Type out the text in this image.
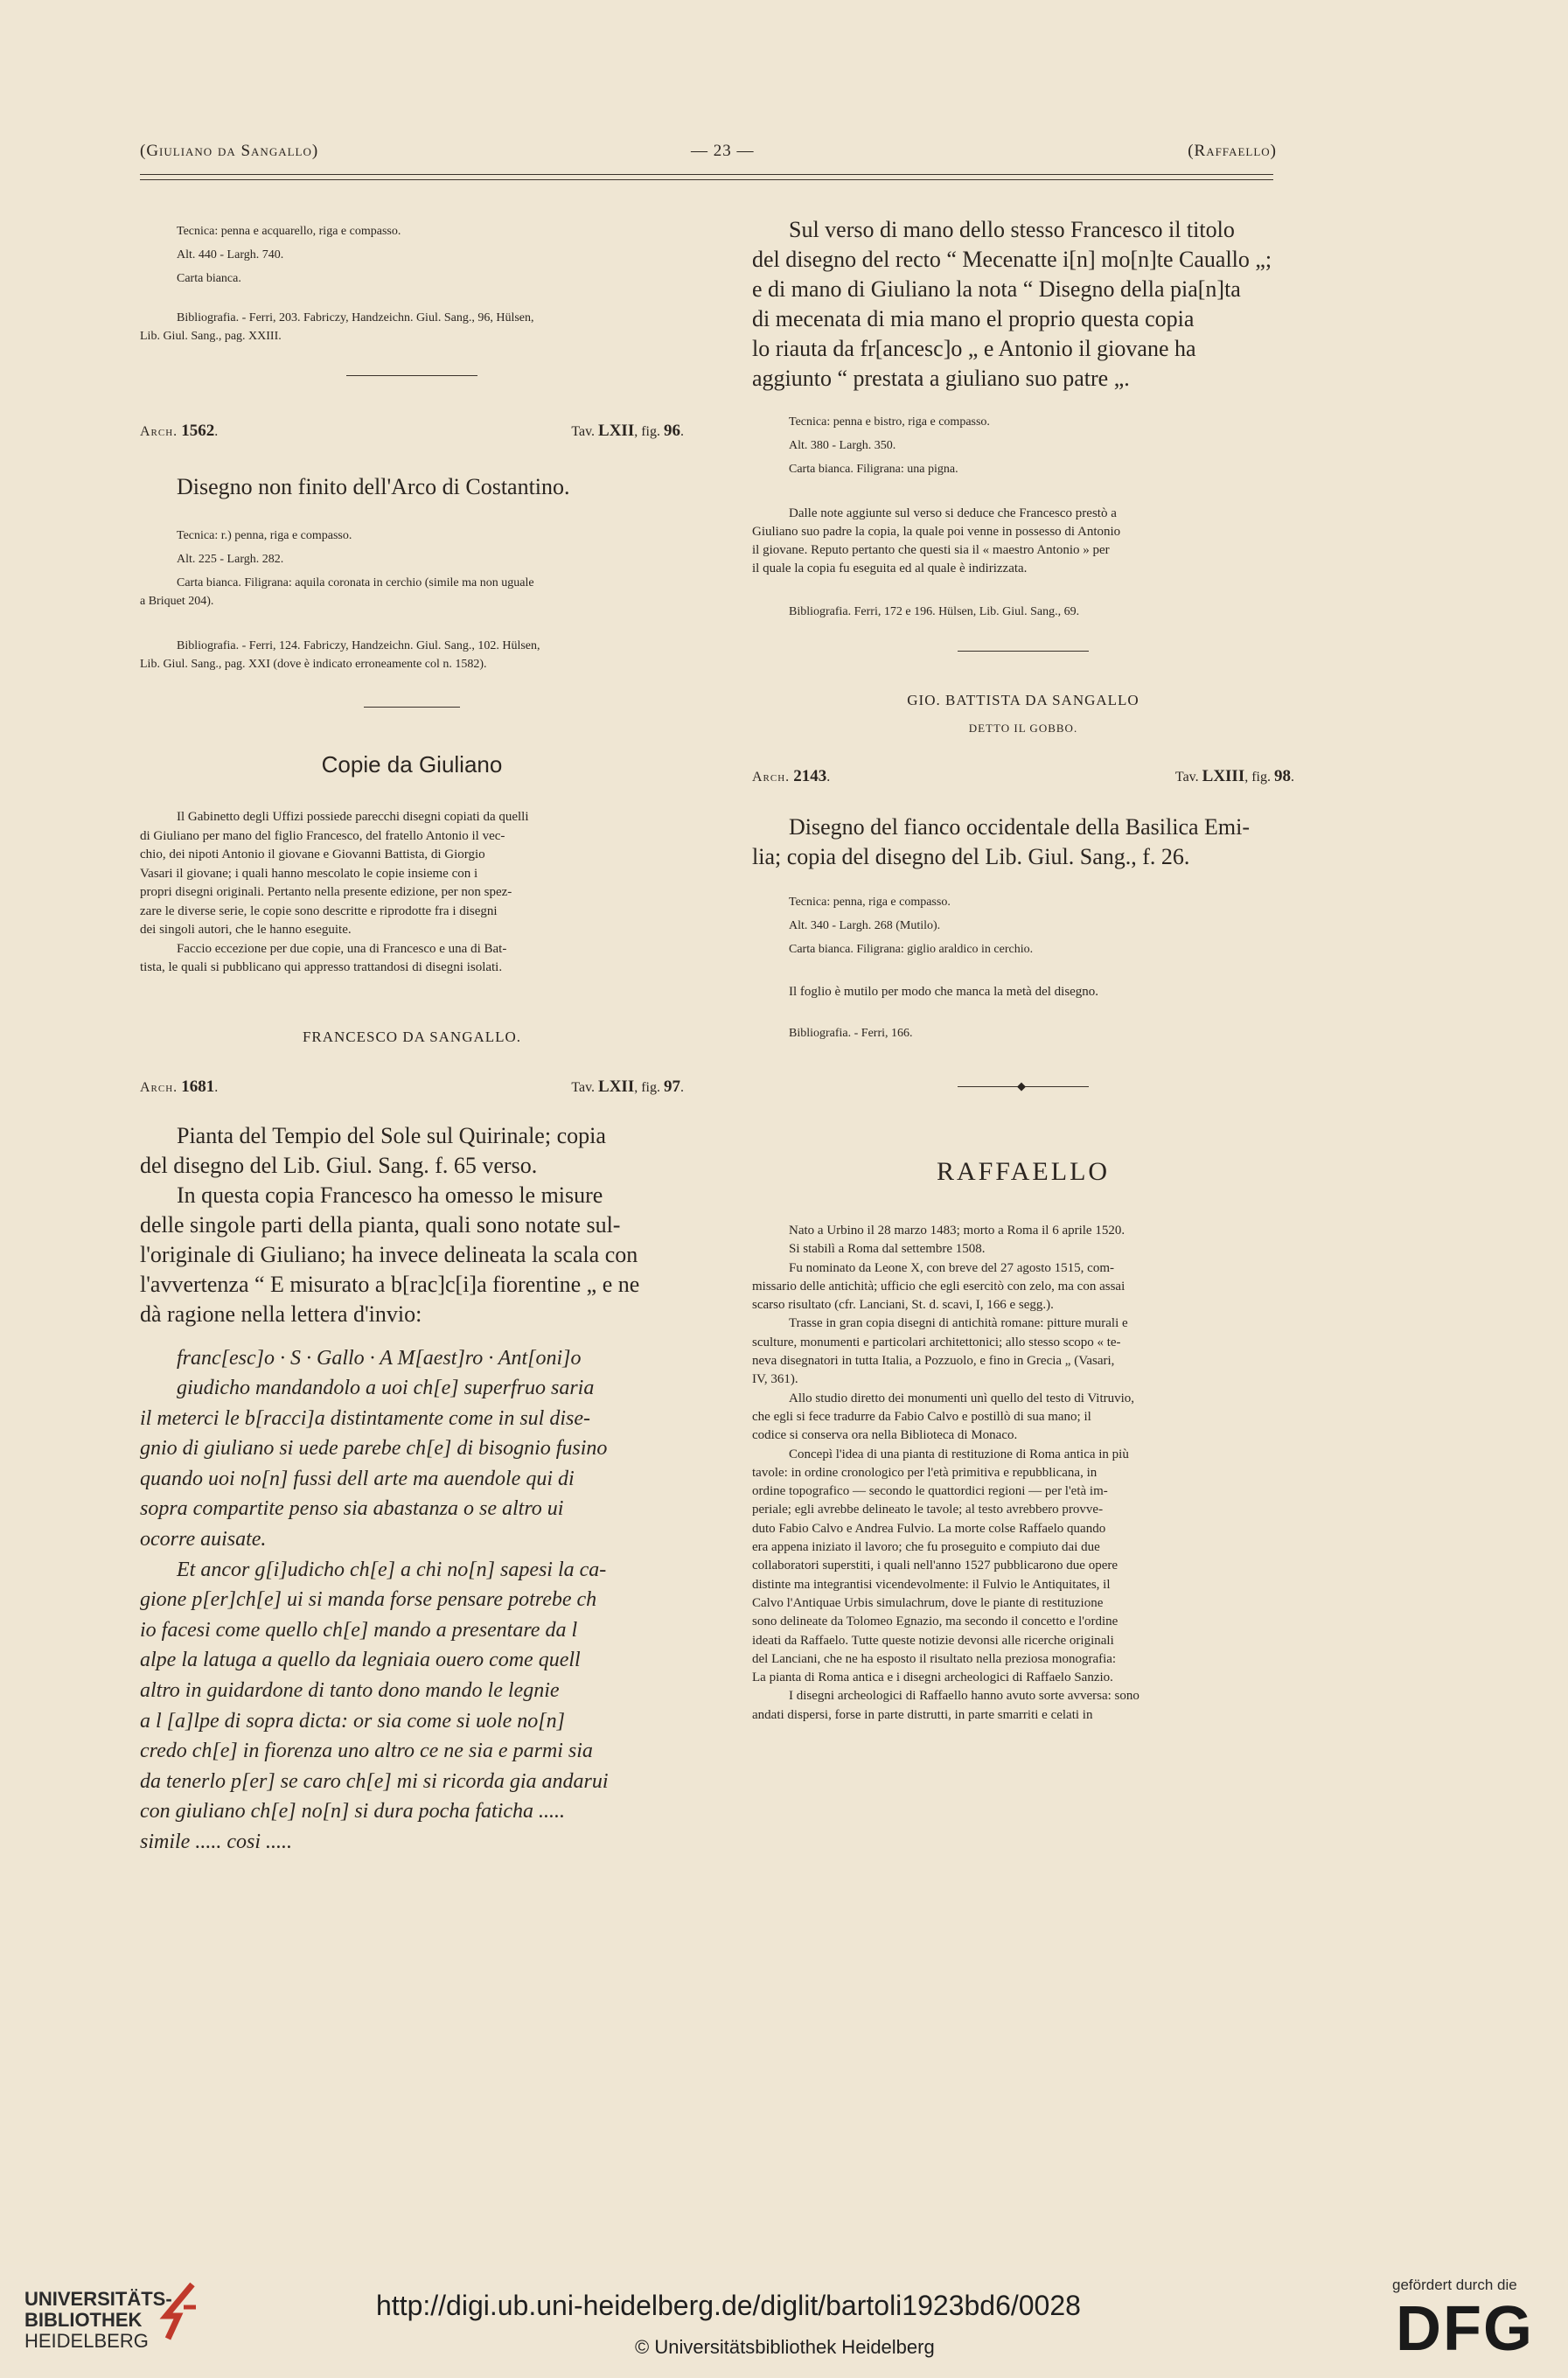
(Giuliano da Sangallo)	— 23 —	(Raffaello)

Tecnica: penna e acquarello, riga e compasso.

Alt. 440 - Largh. 740.

Carta bianca.

Bibliografia. - Ferri, 203. Fabriczy, Handzeichn. Giul. Sang., 96, Hülsen,

Lib. Giul. Sang., pag. XXIII.

Arch. 1562.	Tav. LXII, fig. 96.

Disegno non finito dell'Arco di Costantino.

Tecnica: r.) penna, riga e compasso.

Alt. 225 - Largh. 282.

Carta bianca. Filigrana: aquila coronata in cerchio (simile ma non uguale

a Briquet 204).

Bibliografia. - Ferri, 124. Fabriczy, Handzeichn. Giul. Sang., 102. Hülsen,

Lib. Giul. Sang., pag. XXI (dove è indicato erroneamente col n. 1582).

Copie da Giuliano

Il Gabinetto degli Uffizi possiede parecchi disegni copiati da quelli

di Giuliano per mano del figlio Francesco, del fratello Antonio il vec-

chio, dei nipoti Antonio il giovane e Giovanni Battista, di Giorgio

Vasari il giovane; i quali hanno mescolato le copie insieme con i

propri disegni originali. Pertanto nella presente edizione, per non spez-

zare le diverse serie, le copie sono descritte e riprodotte fra i disegni

dei singoli autori, che le hanno eseguite.

Faccio eccezione per due copie, una di Francesco e una di Bat-

tista, le quali si pubblicano qui appresso trattandosi di disegni isolati.

FRANCESCO DA SANGALLO.

Arch. 1681.	Tav. LXII, fig. 97.

Pianta del Tempio del Sole sul Quirinale; copia

del disegno del Lib. Giul. Sang. f. 65 verso.

In questa copia Francesco ha omesso le misure

delle singole parti della pianta, quali sono notate sul-

l'originale di Giuliano; ha invece delineata la scala con

l'avvertenza “ E misurato a b[rac]c[i]a fiorentine „ e ne

dà ragione nella lettera d'invio:

franc[esc]o · S · Gallo · A M[aest]ro · Ant[oni]o

giudicho mandandolo a uoi ch[e] superfruo saria

il meterci le b[racci]a distintamente come in sul dise-

gnio di giuliano si uede parebe ch[e] di bisognio fusino

quando uoi no[n] fussi dell arte ma auendole qui di

sopra compartite penso sia abastanza o se altro ui

ocorre auisate.

Et ancor g[i]udicho ch[e] a chi no[n] sapesi la ca-

gione p[er]ch[e] ui si manda forse pensare potrebe ch

io facesi come quello ch[e] mando a presentare da l

alpe la latuga a quello da legniaia ouero come quell

altro in guidardone di tanto dono mando le legnie

a l [a]lpe di sopra dicta: or sia come si uole no[n]

credo ch[e] in fiorenza uno altro ce ne sia e parmi sia

da tenerlo p[er] se caro ch[e] mi si ricorda gia andarui

con giuliano ch[e] no[n] si dura pocha faticha .....

simile ..... cosi .....

Sul verso di mano dello stesso Francesco il titolo

del disegno del recto “ Mecenatte i[n] mo[n]te Cauallo „;

e di mano di Giuliano la nota “ Disegno della pia[n]ta

di mecenata di mia mano el proprio questa copia

lo riauta da fr[ancesc]o „ e Antonio il giovane ha

aggiunto “ prestata a giuliano suo patre „.

Tecnica: penna e bistro, riga e compasso.

Alt. 380 - Largh. 350.

Carta bianca. Filigrana: una pigna.

Dalle note aggiunte sul verso si deduce che Francesco prestò a

Giuliano suo padre la copia, la quale poi venne in possesso di Antonio

il giovane. Reputo pertanto che questi sia il « maestro Antonio » per

il quale la copia fu eseguita ed al quale è indirizzata.

Bibliografia. Ferri, 172 e 196. Hülsen, Lib. Giul. Sang., 69.

GIO. BATTISTA DA SANGALLO

DETTO IL GOBBO.

Arch. 2143.	Tav. LXIII, fig. 98.

Disegno del fianco occidentale della Basilica Emi-

lia; copia del disegno del Lib. Giul. Sang., f. 26.

Tecnica: penna, riga e compasso.

Alt. 340 - Largh. 268 (Mutilo).

Carta bianca. Filigrana: giglio araldico in cerchio.

Il foglio è mutilo per modo che manca la metà del disegno.

Bibliografia. - Ferri, 166.

◆

RAFFAELLO

Nato a Urbino il 28 marzo 1483; morto a Roma il 6 aprile 1520.

Si stabilì a Roma dal settembre 1508.

Fu nominato da Leone X, con breve del 27 agosto 1515, com-

missario delle antichità; ufficio che egli esercitò con zelo, ma con assai

scarso risultato (cfr. Lanciani, St. d. scavi, I, 166 e segg.).

Trasse in gran copia disegni di antichità romane: pitture murali e

sculture, monumenti e particolari architettonici; allo stesso scopo « te-

neva disegnatori in tutta Italia, a Pozzuolo, e fino in Grecia „ (Vasari,

IV, 361).

Allo studio diretto dei monumenti unì quello del testo di Vitruvio,

che egli si fece tradurre da Fabio Calvo e postillò di sua mano; il

codice si conserva ora nella Biblioteca di Monaco.

Concepì l'idea di una pianta di restituzione di Roma antica in più

tavole: in ordine cronologico per l'età primitiva e repubblicana, in

ordine topografico — secondo le quattordici regioni — per l'età im-

periale; egli avrebbe delineato le tavole; al testo avrebbero provve-

duto Fabio Calvo e Andrea Fulvio. La morte colse Raffaelo quando

era appena iniziato il lavoro; che fu proseguito e compiuto dai due

collaboratori superstiti, i quali nell'anno 1527 pubblicarono due opere

distinte ma integrantisi vicendevolmente: il Fulvio le Antiquitates, il

Calvo l'Antiquae Urbis simulachrum, dove le piante di restituzione

sono delineate da Tolomeo Egnazio, ma secondo il concetto e l'ordine

ideati da Raffaelo. Tutte queste notizie devonsi alle ricerche originali

del Lanciani, che ne ha esposto il risultato nella preziosa monografia:

La pianta di Roma antica e i disegni archeologici di Raffaelo Sanzio.

I disegni archeologici di Raffaello hanno avuto sorte avversa: sono

andati dispersi, forse in parte distrutti, in parte smarriti e celati in

UNIVERSITÄTS-
BIBLIOTHEK
HEIDELBERG
http://digi.ub.uni-heidelberg.de/diglit/bartoli1923bd6/0028
© Universitätsbibliothek Heidelberg
gefördert durch die
DFG
